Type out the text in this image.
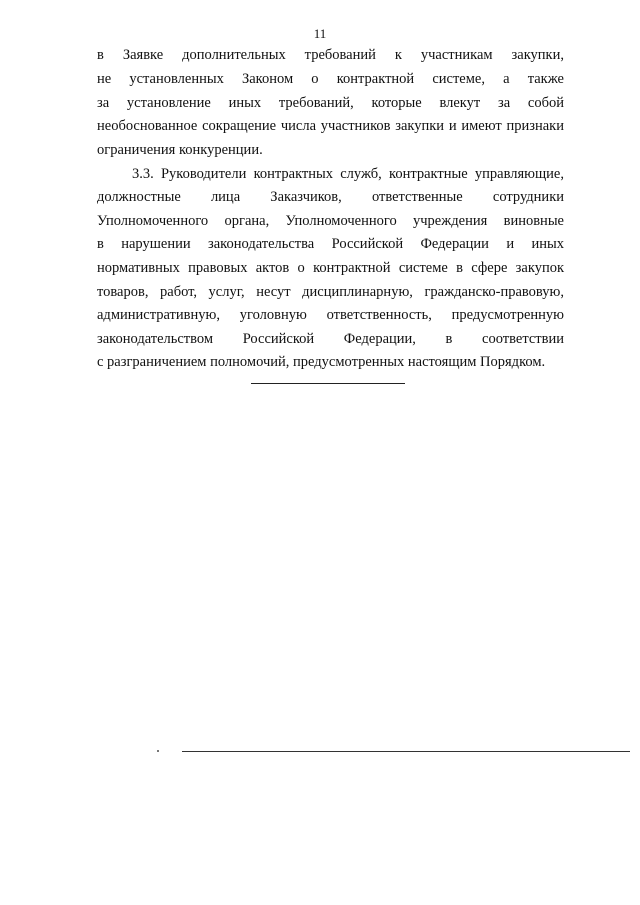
11
в Заявке дополнительных требований к участникам закупки,
не установленных Законом о контрактной системе, а также
за установление иных требований, которые влекут за собой
необоснованное сокращение числа участников закупки и имеют признаки
ограничения конкуренции.
3.3. Руководители контрактных служб, контрактные управляющие,
должностные лица Заказчиков, ответственные сотрудники
Уполномоченного органа, Уполномоченного учреждения виновные
в нарушении законодательства Российской Федерации и иных
нормативных правовых актов о контрактной системе в сфере закупок
товаров, работ, услуг, несут дисциплинарную, гражданско-правовую,
административную, уголовную ответственность, предусмотренную
законодательством Российской Федерации, в соответствии
с разграничением полномочий, предусмотренных настоящим Порядком.
